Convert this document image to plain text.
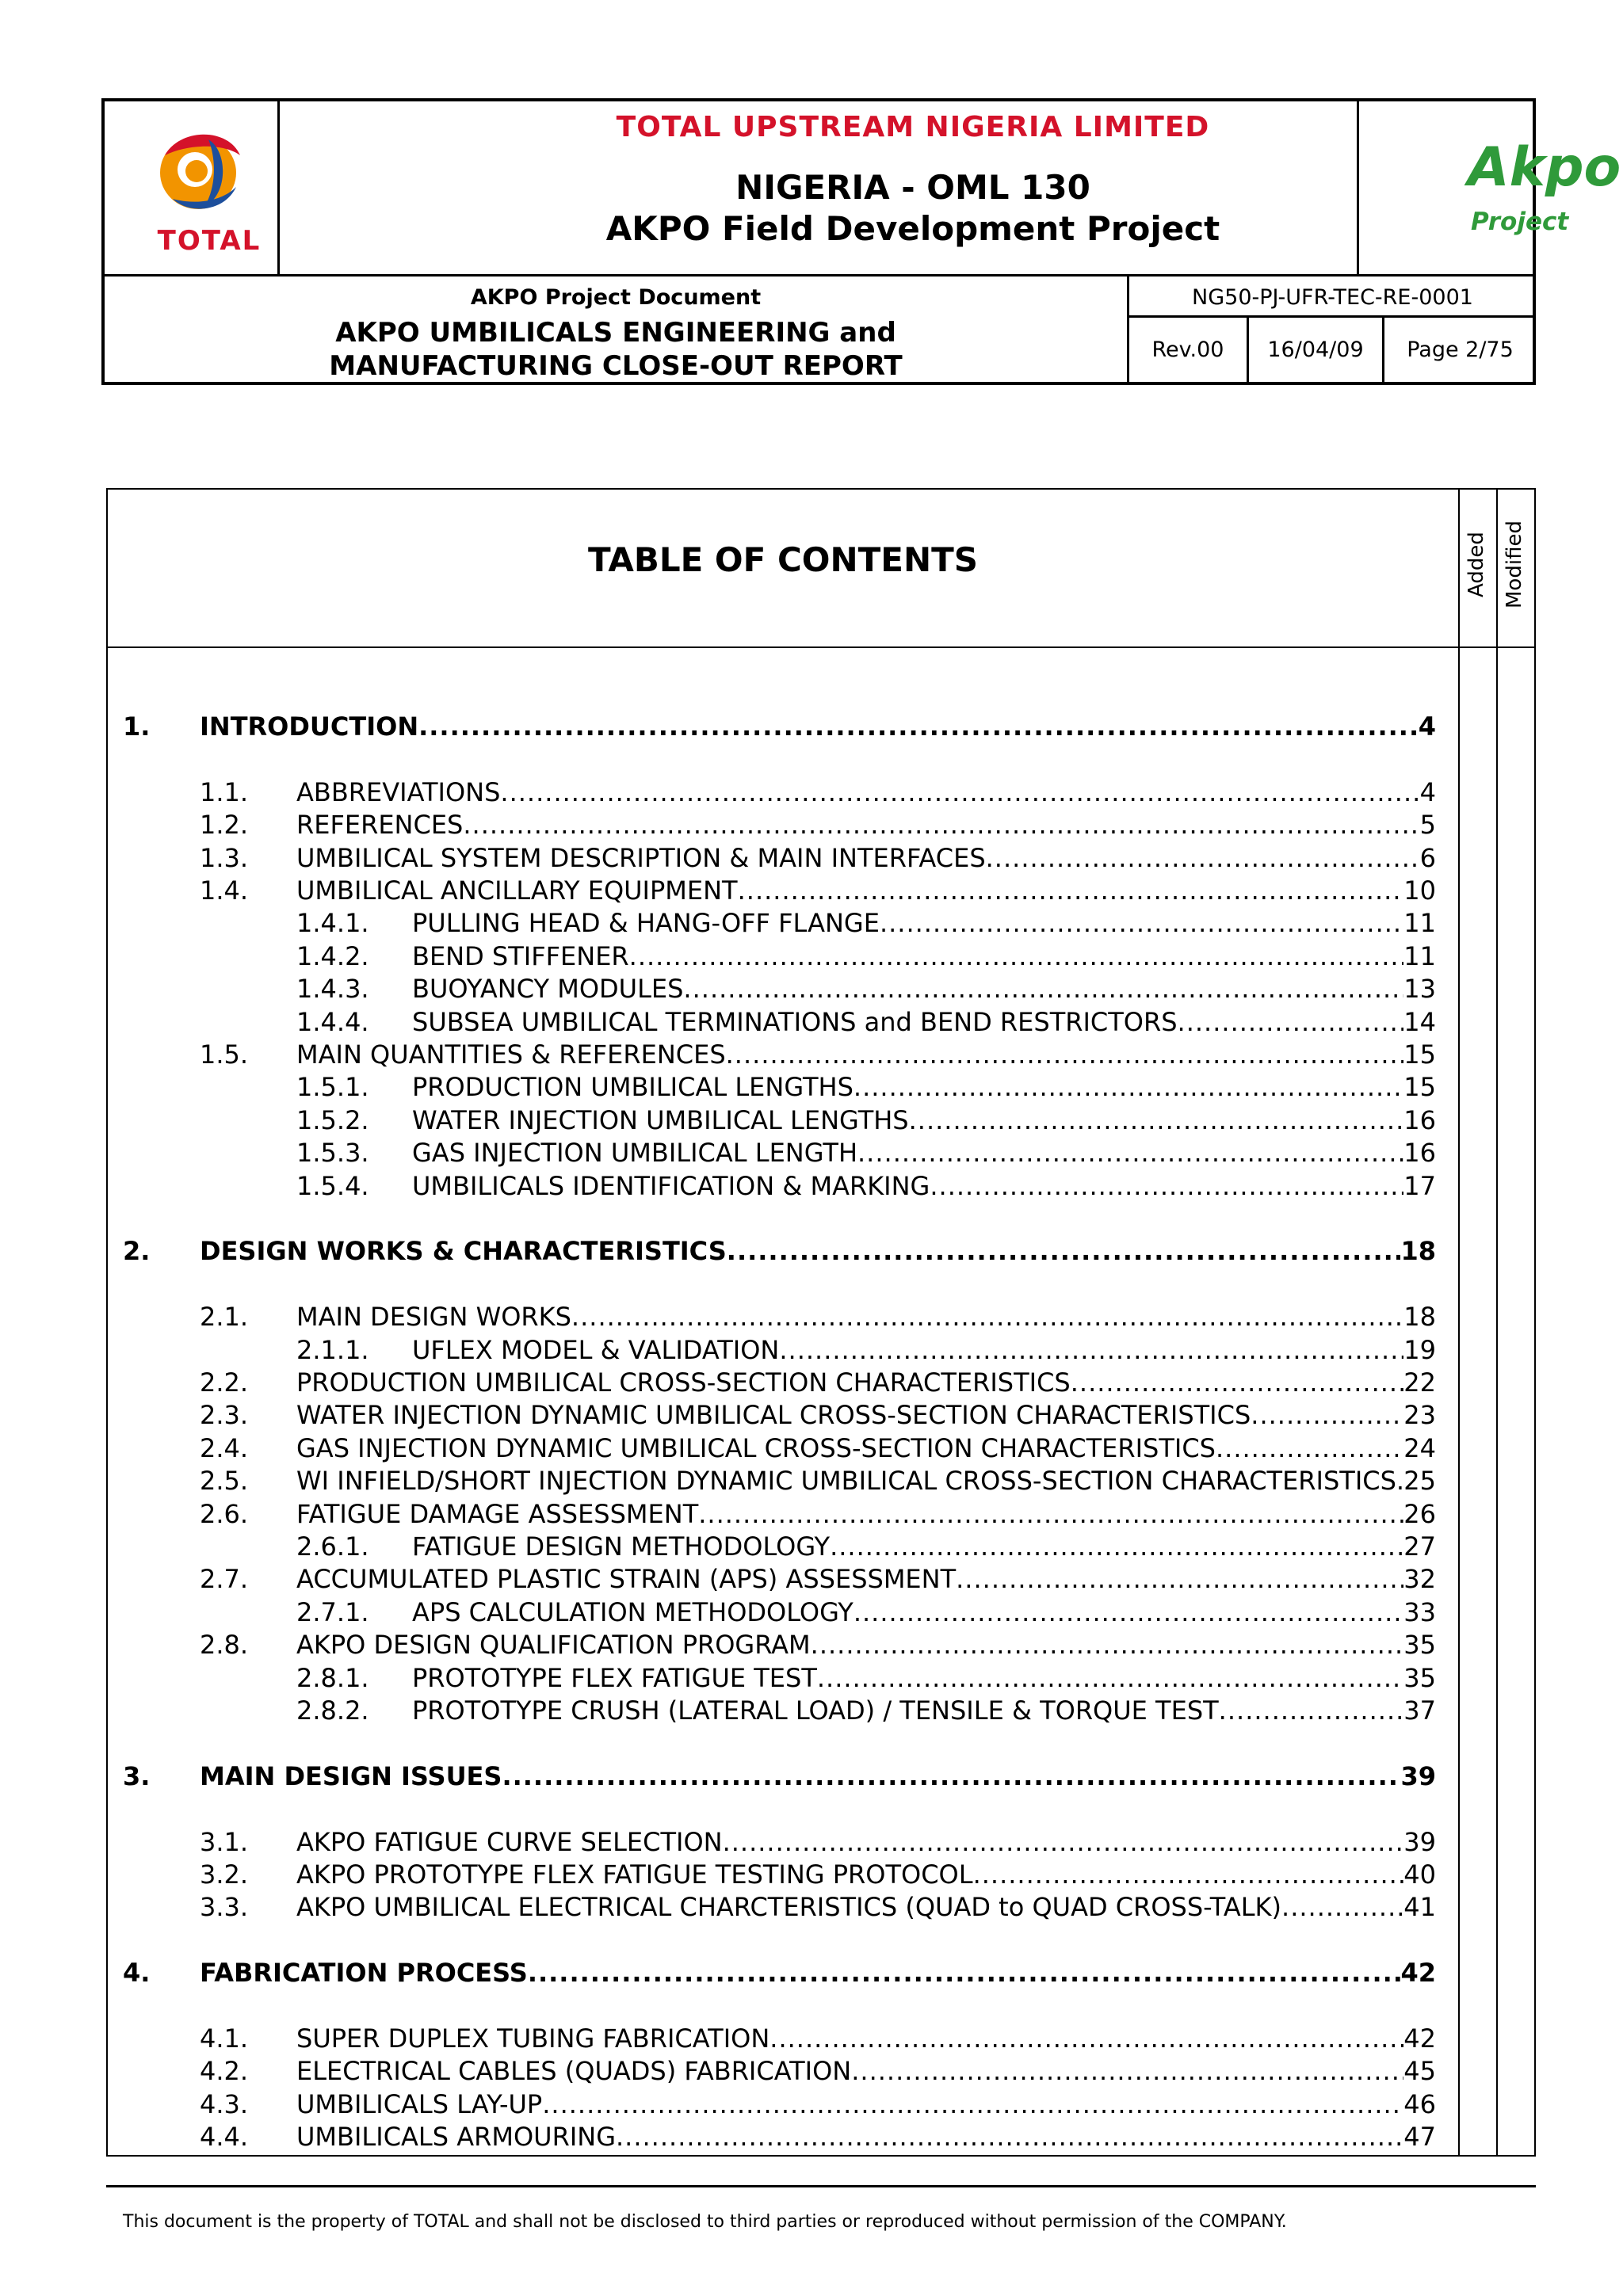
TOTAL
TOTAL UPSTREAM NIGERIA LIMITED
NIGERIA - OML 130
AKPO Field Development Project
Akpo
Project
AKPO Project Document
AKPO UMBILICALS ENGINEERING and
MANUFACTURING CLOSE-OUT REPORT
NG50-PJ-UFR-TEC-RE-0001
Rev.00	16/04/09	Page 2/75
TABLE OF CONTENTS	Added Modified
1.	INTRODUCTION .....	4
1.1.	ABBREVIATIONS .....	4
1.2.	REFERENCES .....	5
1.3.	UMBILICAL SYSTEM DESCRIPTION & MAIN INTERFACES .....	6
1.4.	UMBILICAL ANCILLARY EQUIPMENT .....	10
1.4.1.	PULLING HEAD & HANG-OFF FLANGE .....	11
1.4.2.	BEND STIFFENER .....	11
1.4.3.	BUOYANCY MODULES .....	13
1.4.4.	SUBSEA UMBILICAL TERMINATIONS and BEND RESTRICTORS .....	14
1.5.	MAIN QUANTITIES & REFERENCES .....	15
1.5.1.	PRODUCTION UMBILICAL LENGTHS .....	15
1.5.2.	WATER INJECTION UMBILICAL LENGTHS .....	16
1.5.3.	GAS INJECTION UMBILICAL LENGTH .....	16
1.5.4.	UMBILICALS IDENTIFICATION & MARKING .....	17
2.	DESIGN WORKS & CHARACTERISTICS .....	18
2.1.	MAIN DESIGN WORKS .....	18
2.1.1.	UFLEX MODEL & VALIDATION .....	19
2.2.	PRODUCTION UMBILICAL CROSS-SECTION CHARACTERISTICS .....	22
2.3.	WATER INJECTION DYNAMIC UMBILICAL CROSS-SECTION CHARACTERISTICS .....	23
2.4.	GAS INJECTION DYNAMIC UMBILICAL CROSS-SECTION CHARACTERISTICS .....	24
2.5.	WI INFIELD/SHORT INJECTION DYNAMIC UMBILICAL CROSS-SECTION CHARACTERISTICS ..... 25
2.6.	FATIGUE DAMAGE ASSESSMENT .....	26
2.6.1.	FATIGUE DESIGN METHODOLOGY .....	27
2.7.	ACCUMULATED PLASTIC STRAIN (APS) ASSESSMENT .....	32
2.7.1.	APS CALCULATION METHODOLOGY .....	33
2.8.	AKPO DESIGN QUALIFICATION PROGRAM .....	35
2.8.1.	PROTOTYPE FLEX FATIGUE TEST .....	35
2.8.2.	PROTOTYPE CRUSH (LATERAL LOAD) / TENSILE & TORQUE TEST .....	37
3.	MAIN DESIGN ISSUES .....	39
3.1.	AKPO FATIGUE CURVE SELECTION .....	39
3.2.	AKPO PROTOTYPE FLEX FATIGUE TESTING PROTOCOL .....	40
3.3.	AKPO UMBILICAL ELECTRICAL CHARCTERISTICS (QUAD to QUAD CROSS-TALK) .....	41
4.	FABRICATION PROCESS .....	42
4.1.	SUPER DUPLEX TUBING FABRICATION .....	42
4.2.	ELECTRICAL CABLES (QUADS) FABRICATION .....	45
4.3.	UMBILICALS LAY-UP .....	46
4.4.	UMBILICALS ARMOURING .....	47
This document is the property of TOTAL and shall not be disclosed to third parties or reproduced without permission of the COMPANY.
